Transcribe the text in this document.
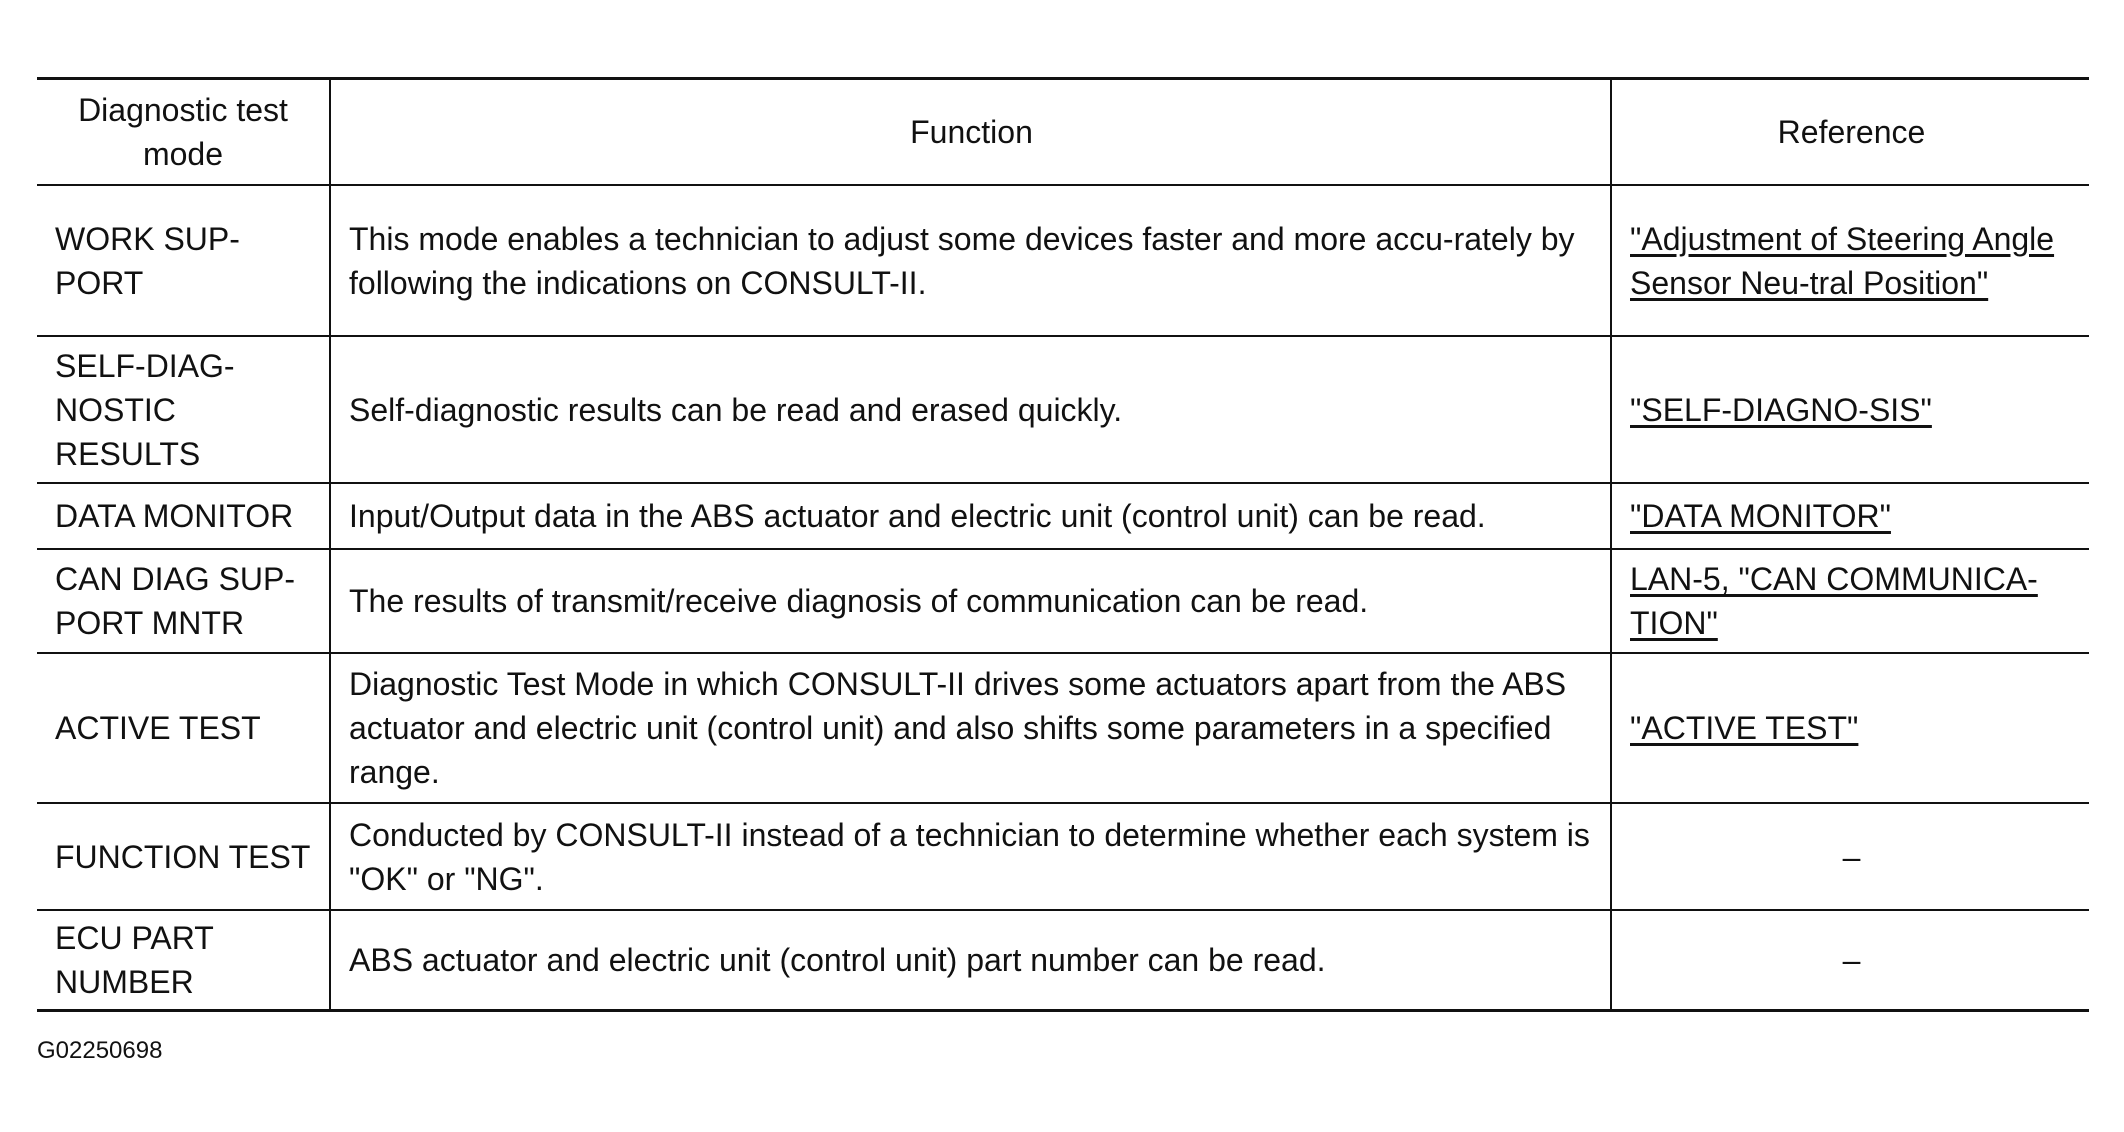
Diagnostic test mode	Function	Reference
WORK SUP-PORT	This mode enables a technician to adjust some devices faster and more accu-rately by following the indications on CONSULT-II.	"Adjustment of Steering Angle Sensor Neu-tral Position"
SELF-DIAG-NOSTIC RESULTS	Self-diagnostic results can be read and erased quickly.	"SELF-DIAGNO-SIS"
DATA MONITOR	Input/Output data in the ABS actuator and electric unit (control unit) can be read.	"DATA MONITOR"
CAN DIAG SUP-PORT MNTR	The results of transmit/receive diagnosis of communication can be read.	LAN-5, "CAN COMMUNICA-TION"
ACTIVE TEST	Diagnostic Test Mode in which CONSULT-II drives some actuators apart from the ABS actuator and electric unit (control unit) and also shifts some parameters in a specified range.	"ACTIVE TEST"
FUNCTION TEST	Conducted by CONSULT-II instead of a technician to determine whether each system is "OK" or "NG".	–
ECU PART NUMBER	ABS actuator and electric unit (control unit) part number can be read.	–
G02250698
